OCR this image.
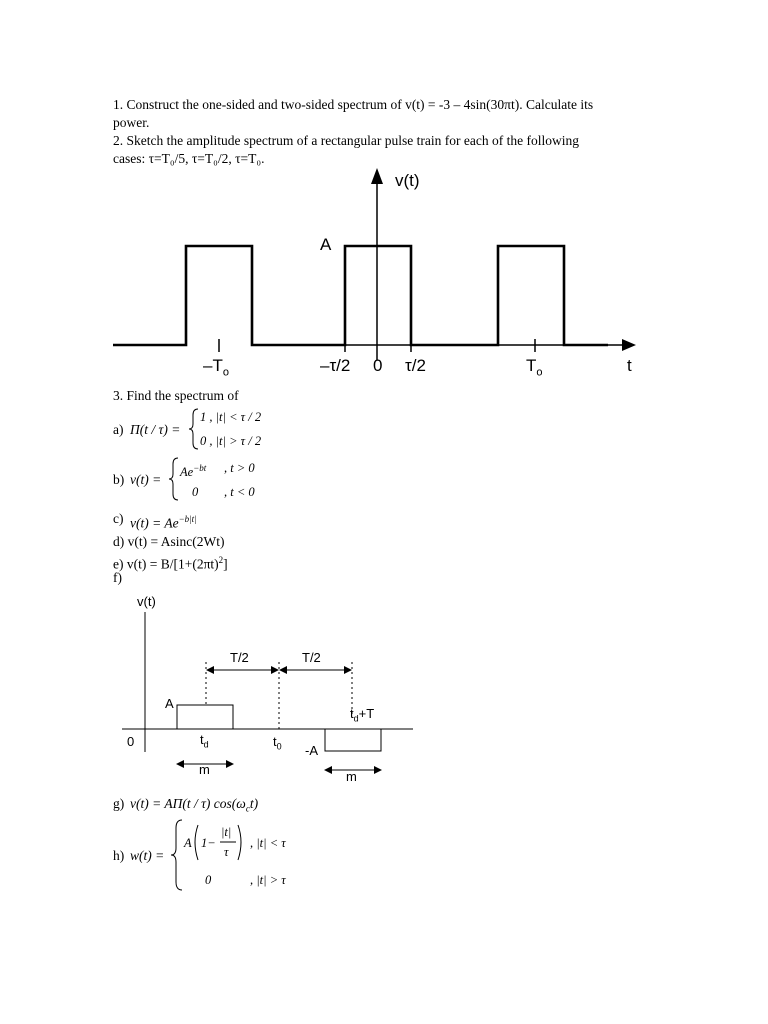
1. Construct the one-sided and two-sided spectrum of v(t) = -3 – 4sin(30πt). Calculate its
power.
2. Sketch the amplitude spectrum of a rectangular pulse train for each of the following
cases: τ=T₀/5, τ=T₀/2, τ=T₀.
v(t)
A
$-T_o$	–τ/2 0 τ/2	$T_o$	t
3. Find the spectrum of
a) Π(t / τ) =
1 , |t| < τ / 2
0 , |t| > τ / 2
b) $v(t) = Ae^{-bt}$ , t > 0
0 , t < 0
c) $v(t) = Ae^{-b|t|}$
d) v(t) = Asinc(2Wt)
e) $v(t) = B/[1+(2\pi t)^2]$
f)
v(t)
T/2	T/2
A
$t_d+T$
0	$t_d$	$t_0$ -A
m	m
g) v(t) = AΠ(t / τ) $\cos(\omega_ct)$
h) w(t) =
A 1−
|t|
τ
, |t| < τ
0	, |t| > τ
